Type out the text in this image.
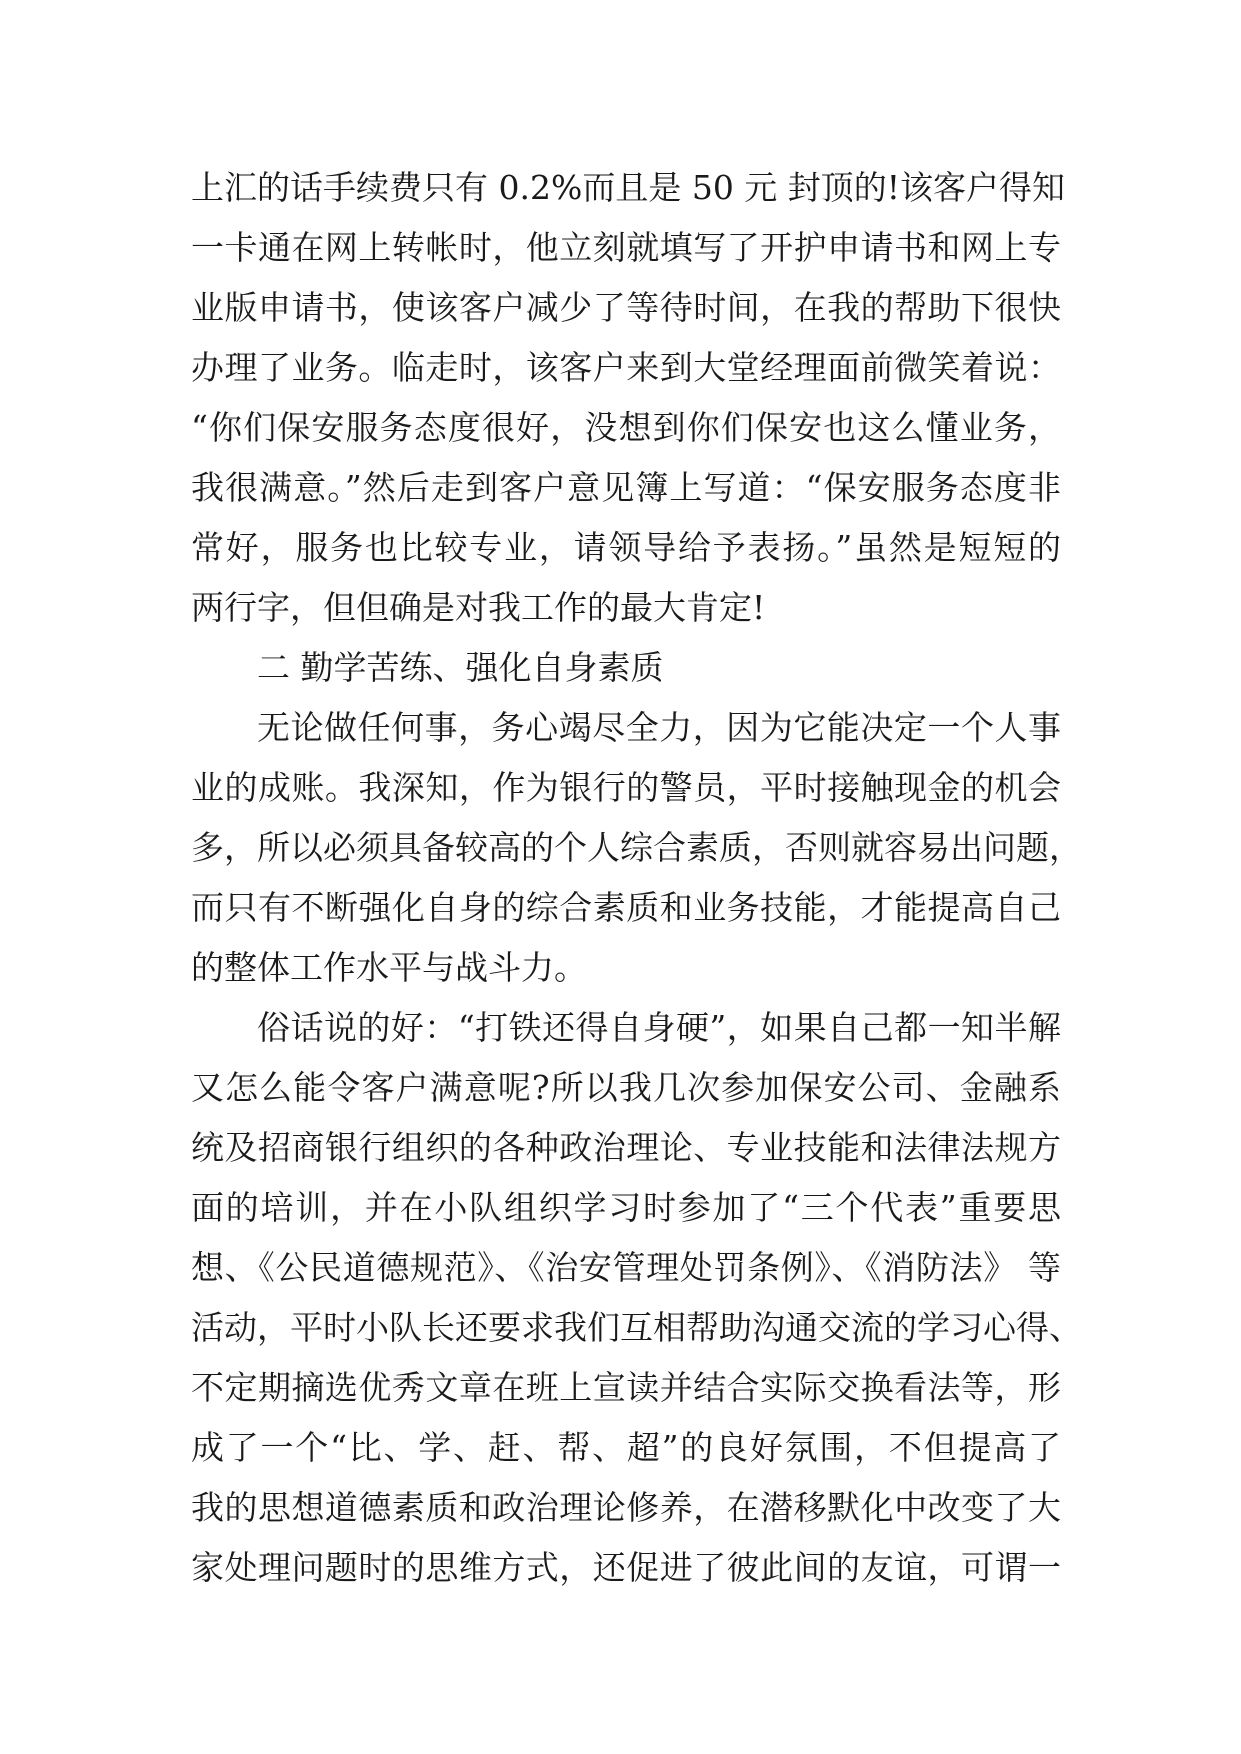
上汇的话手续费只有 0.2%而且是 50 元 封顶的!该客户得知
一卡通在网上转帐时，他立刻就填写了开护申请书和网上专
业版申请书，使该客户减少了等待时间，在我的帮助下很快
办理了业务。临走时，该客户来到大堂经理面前微笑着说：
“你们保安服务态度很好，没想到你们保安也这么懂业务，
我很满意。”然后走到客户意见簿上写道：“保安服务态度非
常好，服务也比较专业，请领导给予表扬。”虽然是短短的
两行字，但但确是对我工作的最大肯定!
二 勤学苦练、强化自身素质
无论做任何事，务心竭尽全力，因为它能决定一个人事
业的成账。我深知，作为银行的警员，平时接触现金的机会
多，所以必须具备较高的个人综合素质，否则就容易出问题，
而只有不断强化自身的综合素质和业务技能，才能提高自己
的整体工作水平与战斗力。
俗话说的好：“打铁还得自身硬”，如果自己都一知半解
又怎么能令客户满意呢?所以我几次参加保安公司、金融系
统及招商银行组织的各种政治理论、专业技能和法律法规方
面的培训，并在小队组织学习时参加了“三个代表”重要思
想、《公民道德规范》、《治安管理处罚条例》、《消防法》 等
活动，平时小队长还要求我们互相帮助沟通交流的学习心得、
不定期摘选优秀文章在班上宣读并结合实际交换看法等，形
成了一个“比、学、赶、帮、超”的良好氛围，不但提高了
我的思想道德素质和政治理论修养，在潜移默化中改变了大
家处理问题时的思维方式，还促进了彼此间的友谊，可谓一
